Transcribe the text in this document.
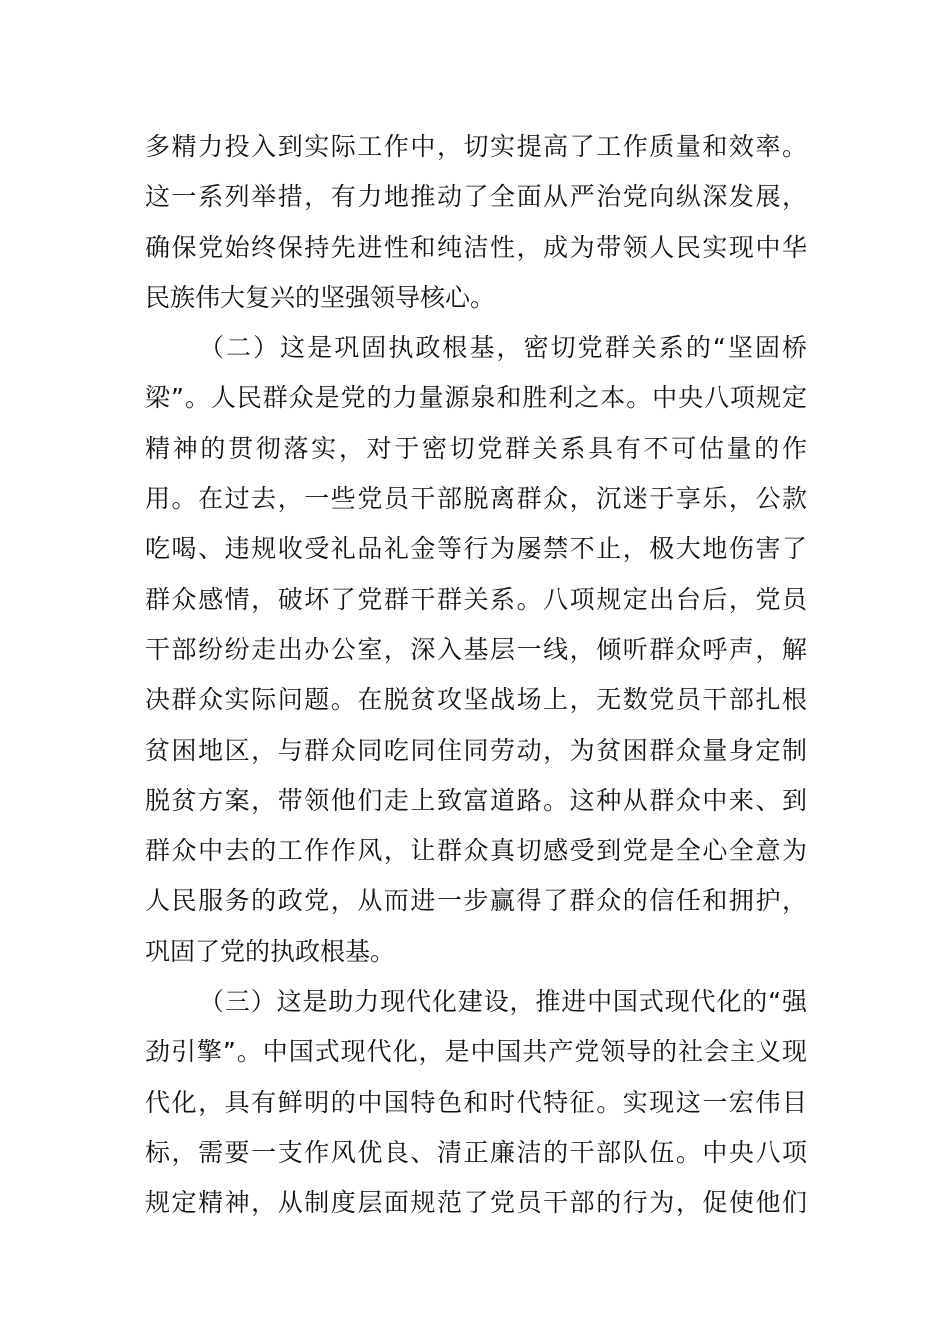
多精力投入到实际工作中，切实提高了工作质量和效率。
这一系列举措，有力地推动了全面从严治党向纵深发展，
确保党始终保持先进性和纯洁性，成为带领人民实现中华
民族伟大复兴的坚强领导核心。
（二）这是巩固执政根基，密切党群关系的“坚固桥
梁”。人民群众是党的力量源泉和胜利之本。中央八项规定
精神的贯彻落实，对于密切党群关系具有不可估量的作
用。在过去，一些党员干部脱离群众，沉迷于享乐，公款
吃喝、违规收受礼品礼金等行为屡禁不止，极大地伤害了
群众感情，破坏了党群干群关系。八项规定出台后，党员
干部纷纷走出办公室，深入基层一线，倾听群众呼声，解
决群众实际问题。在脱贫攻坚战场上，无数党员干部扎根
贫困地区，与群众同吃同住同劳动，为贫困群众量身定制
脱贫方案，带领他们走上致富道路。这种从群众中来、到
群众中去的工作作风，让群众真切感受到党是全心全意为
人民服务的政党，从而进一步赢得了群众的信任和拥护，
巩固了党的执政根基。
（三）这是助力现代化建设，推进中国式现代化的“强
劲引擎”。中国式现代化，是中国共产党领导的社会主义现
代化，具有鲜明的中国特色和时代特征。实现这一宏伟目
标，需要一支作风优良、清正廉洁的干部队伍。中央八项
规定精神，从制度层面规范了党员干部的行为，促使他们
